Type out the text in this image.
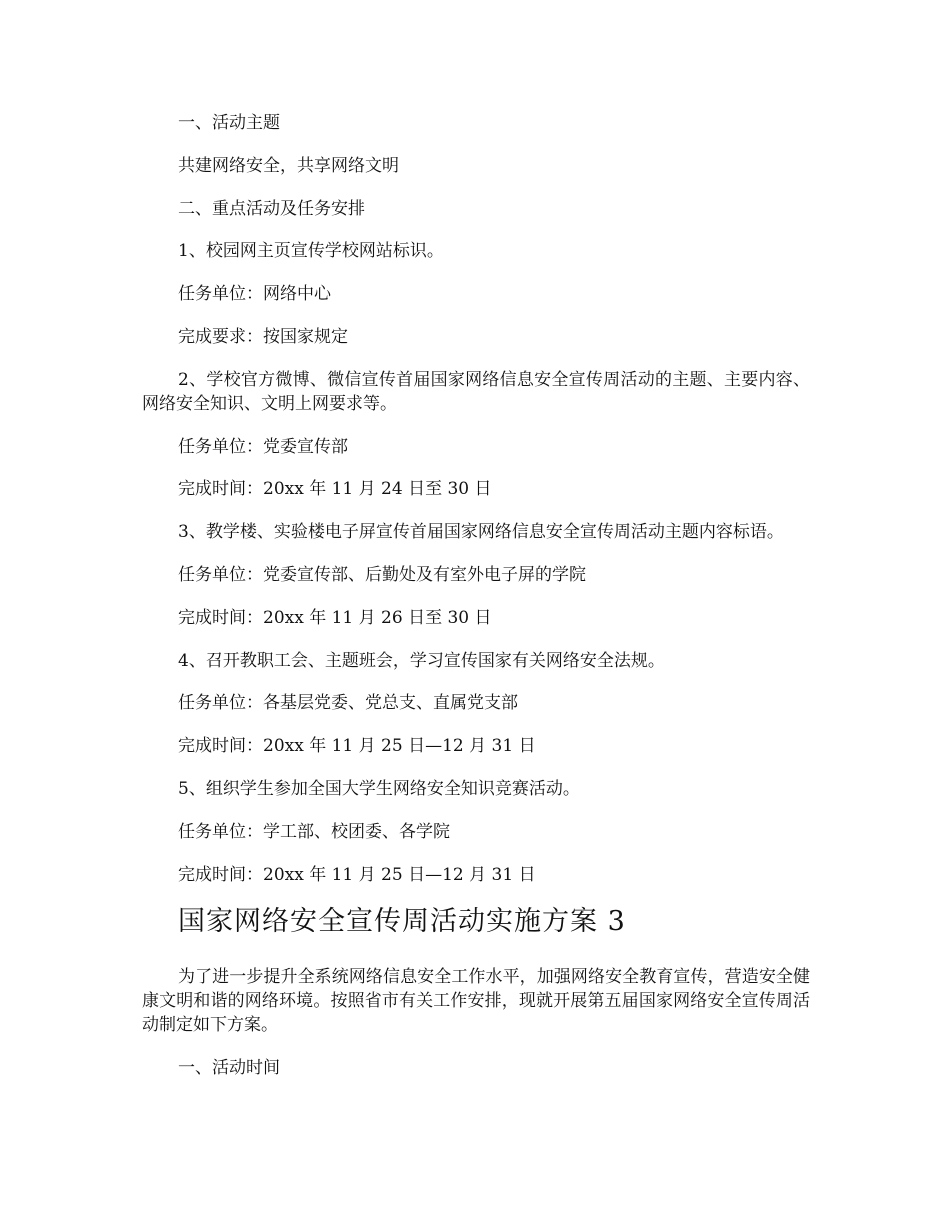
一、活动主题

共建网络安全，共享网络文明

二、重点活动及任务安排

1、校园网主页宣传学校网站标识。

任务单位：网络中心

完成要求：按国家规定

2、学校官方微博、微信宣传首届国家网络信息安全宣传周活动的主题、主要内容、网络安全知识、文明上网要求等。

任务单位：党委宣传部

完成时间：20xx 年 11 月 24 日至 30 日

3、教学楼、实验楼电子屏宣传首届国家网络信息安全宣传周活动主题内容标语。

任务单位：党委宣传部、后勤处及有室外电子屏的学院

完成时间：20xx 年 11 月 26 日至 30 日

4、召开教职工会、主题班会，学习宣传国家有关网络安全法规。

任务单位：各基层党委、党总支、直属党支部

完成时间：20xx 年 11 月 25 日—12 月 31 日

5、组织学生参加全国大学生网络安全知识竞赛活动。

任务单位：学工部、校团委、各学院

完成时间：20xx 年 11 月 25 日—12 月 31 日

国家网络安全宣传周活动实施方案 3

为了进一步提升全系统网络信息安全工作水平，加强网络安全教育宣传，营造安全健康文明和谐的网络环境。按照省市有关工作安排，现就开展第五届国家网络安全宣传周活动制定如下方案。

一、活动时间
